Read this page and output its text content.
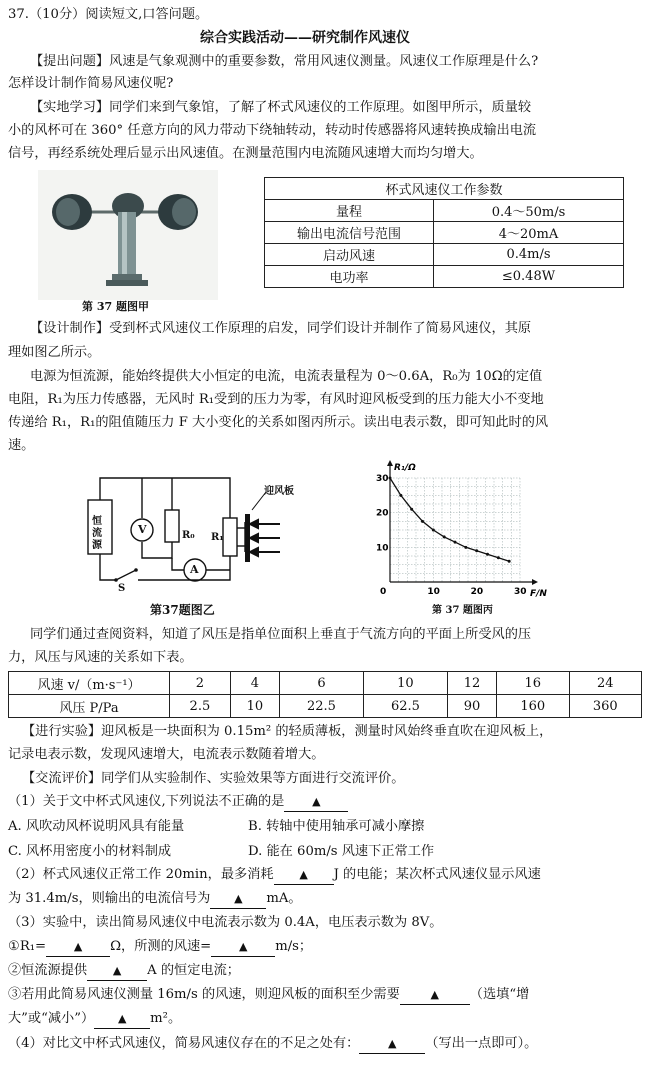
37.（10分）阅读短文,口答问题。
综合实践活动——研究制作风速仪
【提出问题】风速是气象观测中的重要参数，常用风速仪测量。风速仪工作原理是什么?
怎样设计制作简易风速仪呢?
【实地学习】同学们来到气象馆，了解了杯式风速仪的工作原理。如图甲所示，质量较
小的风杯可在 360° 任意方向的风力带动下绕轴转动，转动时传感器将风速转换成输出电流
信号，再经系统处理后显示出风速值。在测量范围内电流随风速增大而均匀增大。
第 37 题图甲
杯式风速仪工作参数	
量程	0.4～50m/s
输出电流信号范围	4～20mA
启动风速	0.4m/s
电功率	≤0.48W
【设计制作】受到杯式风速仪工作原理的启发，同学们设计并制作了简易风速仪，其原
理如图乙所示。
电源为恒流源，能始终提供大小恒定的电流，电流表量程为 0～0.6A，R₀为 10Ω的定值
电阻，R₁为压力传感器，无风时 R₁受到的压力为零，有风时迎风板受到的压力能大小不变地
传递给 R₁，R₁的阻值随压力 F 大小变化的关系如图丙所示。读出电表示数，即可知此时的风
速。
恒流源
V	R₀
A
R₁
S
迎风板
第37题图乙
R₁/Ω
F/N
0	10	20	30
10
20
30
第 37 题图丙
同学们通过查阅资料，知道了风压是指单位面积上垂直于气流方向的平面上所受风的压
力，风压与风速的关系如下表。
风速 v/（m·s⁻¹）	2	4	6	10	12	16	24
风压 P/Pa	2.5	10	22.5	62.5	90	160	360
【进行实验】迎风板是一块面积为 0.15m² 的轻质薄板，测量时风始终垂直吹在迎风板上，
记录电表示数，发现风速增大，电流表示数随着增大。
【交流评价】同学们从实验制作、实验效果等方面进行交流评价。
（1）关于文中杯式风速仪,下列说法不正确的是	▲
A. 风吹动风杯说明风具有能量	B. 转轴中使用轴承可减小摩擦
C. 风杯用密度小的材料制成	D. 能在 60m/s 风速下正常工作
（2）杯式风速仪正常工作 20min，最多消耗 ▲ J 的电能；某次杯式风速仪显示风速
为 31.4m/s，则输出的电流信号为 ▲ mA。
（3）实验中，读出简易风速仪中电流表示数为 0.4A，电压表示数为 8V。
①R₁=	▲ Ω，所测的风速=	▲ m/s；
②恒流源提供 ▲ A 的恒定电流；
③若用此简易风速仪测量 16m/s 的风速，则迎风板的面积至少需要	▲ （选填“增
大”或“减小”） ▲ m²。
（4）对比文中杯式风速仪，简易风速仪存在的不足之处有：	▲ （写出一点即可）。
